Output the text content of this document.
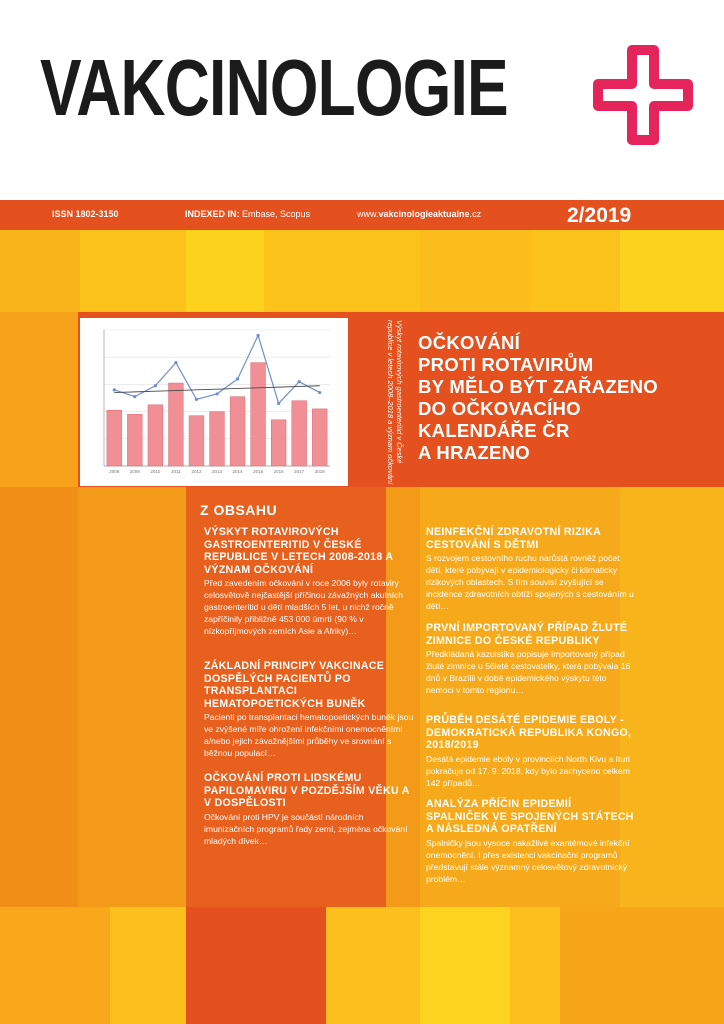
VAKCINOLOGIE
ISSN 1802-3150	INDEXED IN: Embase, Scopus	www.vakcinologieaktualne.cz	2/2019
2008 2009 2010 2011 2012 2013 2014 2015 2016 2017 2018
Výskyt rotavirových gastroenteritid v České republice v letech 2008–2018 a význam očkování	OČKOVÁNÍ
PROTI ROTAVIRŮM
BY MĚLO BÝT ZAŘAZENO
DO OČKOVACÍHO
KALENDÁŘE ČR
A HRAZENO
Z OBSAHU
VÝSKYT ROTAVIROVÝCH GASTROENTERITID V ČESKÉ REPUBLICE V LETECH 2008-2018 A VÝZNAM OČKOVÁNÍ
Před zavedením očkování v roce 2006 byly rotaviry celosvětově nejčastější příčinou závažných akutních gastroenteritid u dětí mladších 5 let, u nichž ročně zapříčinily přibližně 453 000 úmrtí (90 % v nízkopříjmových zemích Asie a Afriky)…
ZÁKLADNÍ PRINCIPY VAKCINACE DOSPĚLÝCH PACIENTŮ PO TRANSPLANTACI HEMATOPOETICKÝCH BUNĚK
Pacienti po transplantaci hematopoetických buněk jsou ve zvýšené míře ohrožení infekčními onemocněními a/nebo jejich závažnějšími průběhy ve srovnání s běžnou populací…
OČKOVÁNÍ PROTI LIDSKÉMU PAPILOMAVIRU V POZDĚJŠÍM VĚKU A V DOSPĚLOSTI
Očkování proti HPV je součástí národních imunizačních programů řady zemí, zejména očkování mladých dívek…
NEINFEKČNÍ ZDRAVOTNÍ RIZIKA CESTOVÁNÍ S DĚTMI
S rozvojem cestovního ruchu narůstá rovněž počet dětí, které pobývají v epidemiologicky či klimaticky rizikových oblastech. S tím souvisí zvyšující se incidence zdravotních obtíží spojených s cestováním u dětí…
PRVNÍ IMPORTOVANÝ PŘÍPAD ŽLUTÉ ZIMNICE DO ČESKÉ REPUBLIKY
Předkládaná kazuistika popisuje importovaný případ žluté zimnice u 56leté cestovatelky, která pobývala 16 dnů v Brazílii v době epidemického výskytu této nemoci v tomto regionu…
PRŮBĚH DESÁTÉ EPIDEMIE EBOLY - DEMOKRATICKÁ REPUBLIKA KONGO, 2018/2019
Desátá epidemie eboly v provinciích North Kivu a Ituri pokračuje od 17. 9. 2018, kdy bylo zachyceno celkem 142 případů…
ANALÝZA PŘÍČIN EPIDEMIÍ SPALNIČEK VE SPOJENÝCH STÁTECH A NÁSLEDNÁ OPATŘENÍ
Spalničky jsou vysoce nakažlivé exantémové infekční onemocnění. I přes existenci vakcinační programů představují stále významný celosvětový zdravotnický problém…
